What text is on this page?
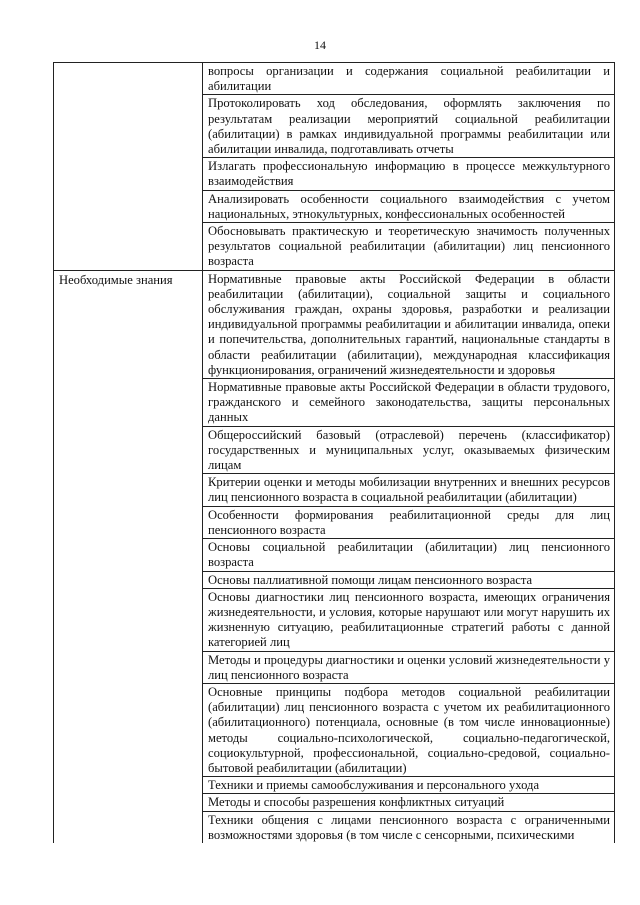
14
	вопросы организации и содержания социальной реабилитации и абилитации
	Протоколировать ход обследования, оформлять заключения по результатам реализации мероприятий социальной реабилитации (абилитации) в рамках индивидуальной программы реабилитации или абилитации инвалида, подготавливать отчеты
	Излагать профессиональную информацию в процессе межкультурного взаимодействия
	Анализировать особенности социального взаимодействия с учетом национальных, этнокультурных, конфессиональных особенностей
	Обосновывать практическую и теоретическую значимость полученных результатов социальной реабилитации (абилитации) лиц пенсионного возраста
Необходимые знания	Нормативные правовые акты Российской Федерации в области реабилитации (абилитации), социальной защиты и социального обслуживания граждан, охраны здоровья, разработки и реализации индивидуальной программы реабилитации и абилитации инвалида, опеки и попечительства, дополнительных гарантий, национальные стандарты в области реабилитации (абилитации), международная классификация функционирования, ограничений жизнедеятельности и здоровья
	Нормативные правовые акты Российской Федерации в области трудового, гражданского и семейного законодательства, защиты персональных данных
	Общероссийский базовый (отраслевой) перечень (классификатор) государственных и муниципальных услуг, оказываемых физическим лицам
	Критерии оценки и методы мобилизации внутренних и внешних ресурсов лиц пенсионного возраста в социальной реабилитации (абилитации)
	Особенности формирования реабилитационной среды для лиц пенсионного возраста
	Основы социальной реабилитации (абилитации) лиц пенсионного возраста
	Основы паллиативной помощи лицам пенсионного возраста
	Основы диагностики лиц пенсионного возраста, имеющих ограничения жизнедеятельности, и условия, которые нарушают или могут нарушить их жизненную ситуацию, реабилитационные стратегий работы с данной категорией лиц
	Методы и процедуры диагностики и оценки условий жизнедеятельности у лиц пенсионного возраста
	Основные принципы подбора методов социальной реабилитации (абилитации) лиц пенсионного возраста с учетом их реабилитационного (абилитационного) потенциала, основные (в том числе инновационные) методы социально-психологической, социально-педагогической, социокультурной, профессиональной, социально-средовой, социально-бытовой реабилитации (абилитации)
	Техники и приемы самообслуживания и персонального ухода
	Методы и способы разрешения конфликтных ситуаций
	Техники общения с лицами пенсионного возраста с ограниченными возможностями здоровья (в том числе с сенсорными, психическими
